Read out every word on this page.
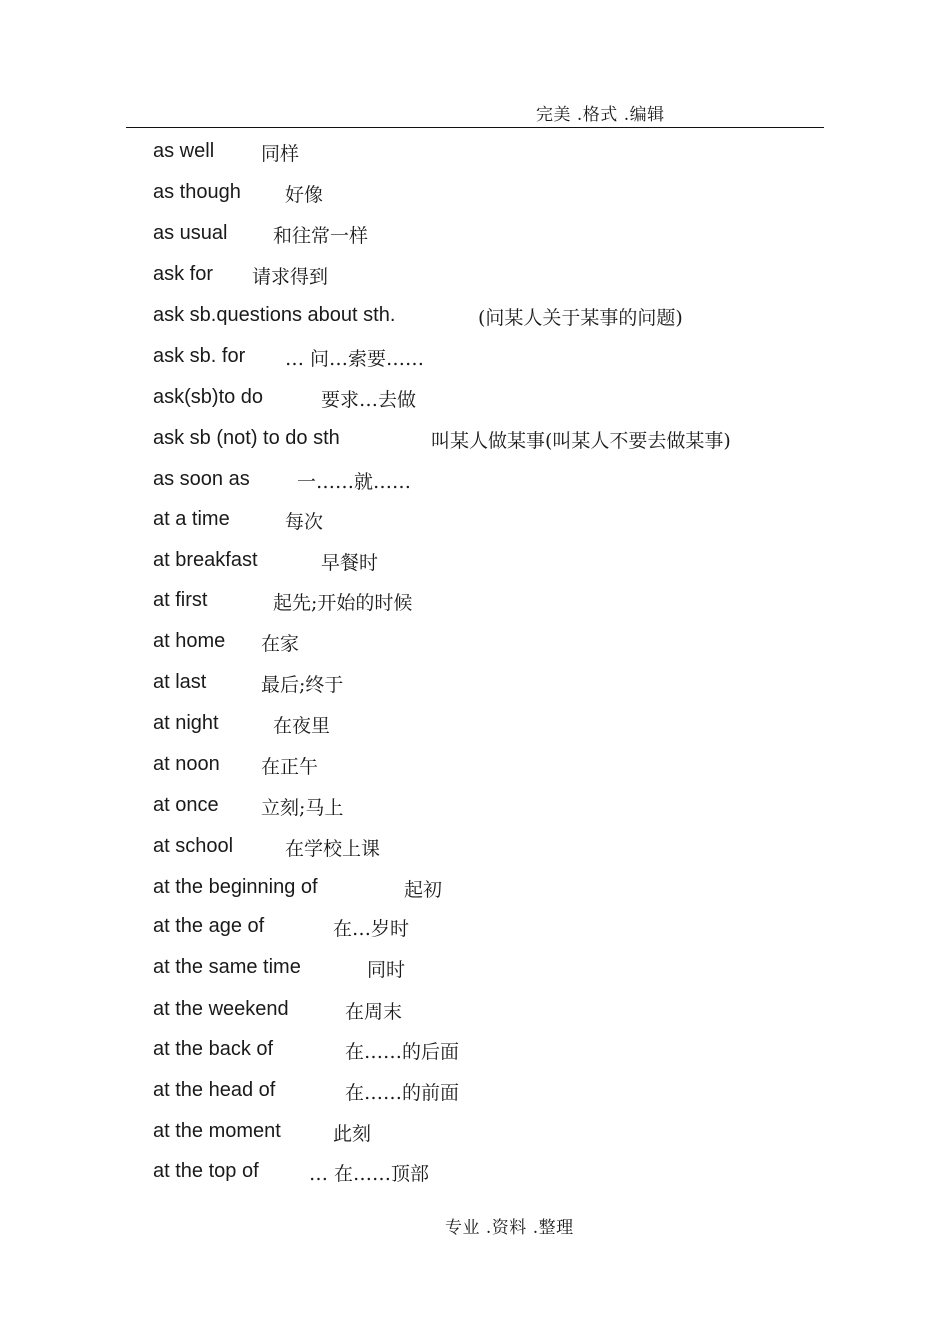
完美 .格式 .编辑
as well 同样
as though 好像
as usual 和往常一样
ask for 请求得到
ask sb.questions about sth.	(问某人关于某事的问题)
ask sb. for … 问…索要……
ask(sb)to do	要求…去做
ask sb (not) to do sth	叫某人做某事(叫某人不要去做某事)
as soon as 一……就……
at a time	每次
at breakfast	早餐时
at first	起先;开始的时候
at home 在家
at last	最后;终于
at night	在夜里
at noon 在正午
at once 立刻;马上
at school	在学校上课
at the beginning of	起初
at the age of	在…岁时
at the same time	同时
at the weekend	在周末
at the back of	在……的后面
at the head of	在……的前面
at the moment	此刻
at the top of	… 在……顶部
专业 .资料 .整理
